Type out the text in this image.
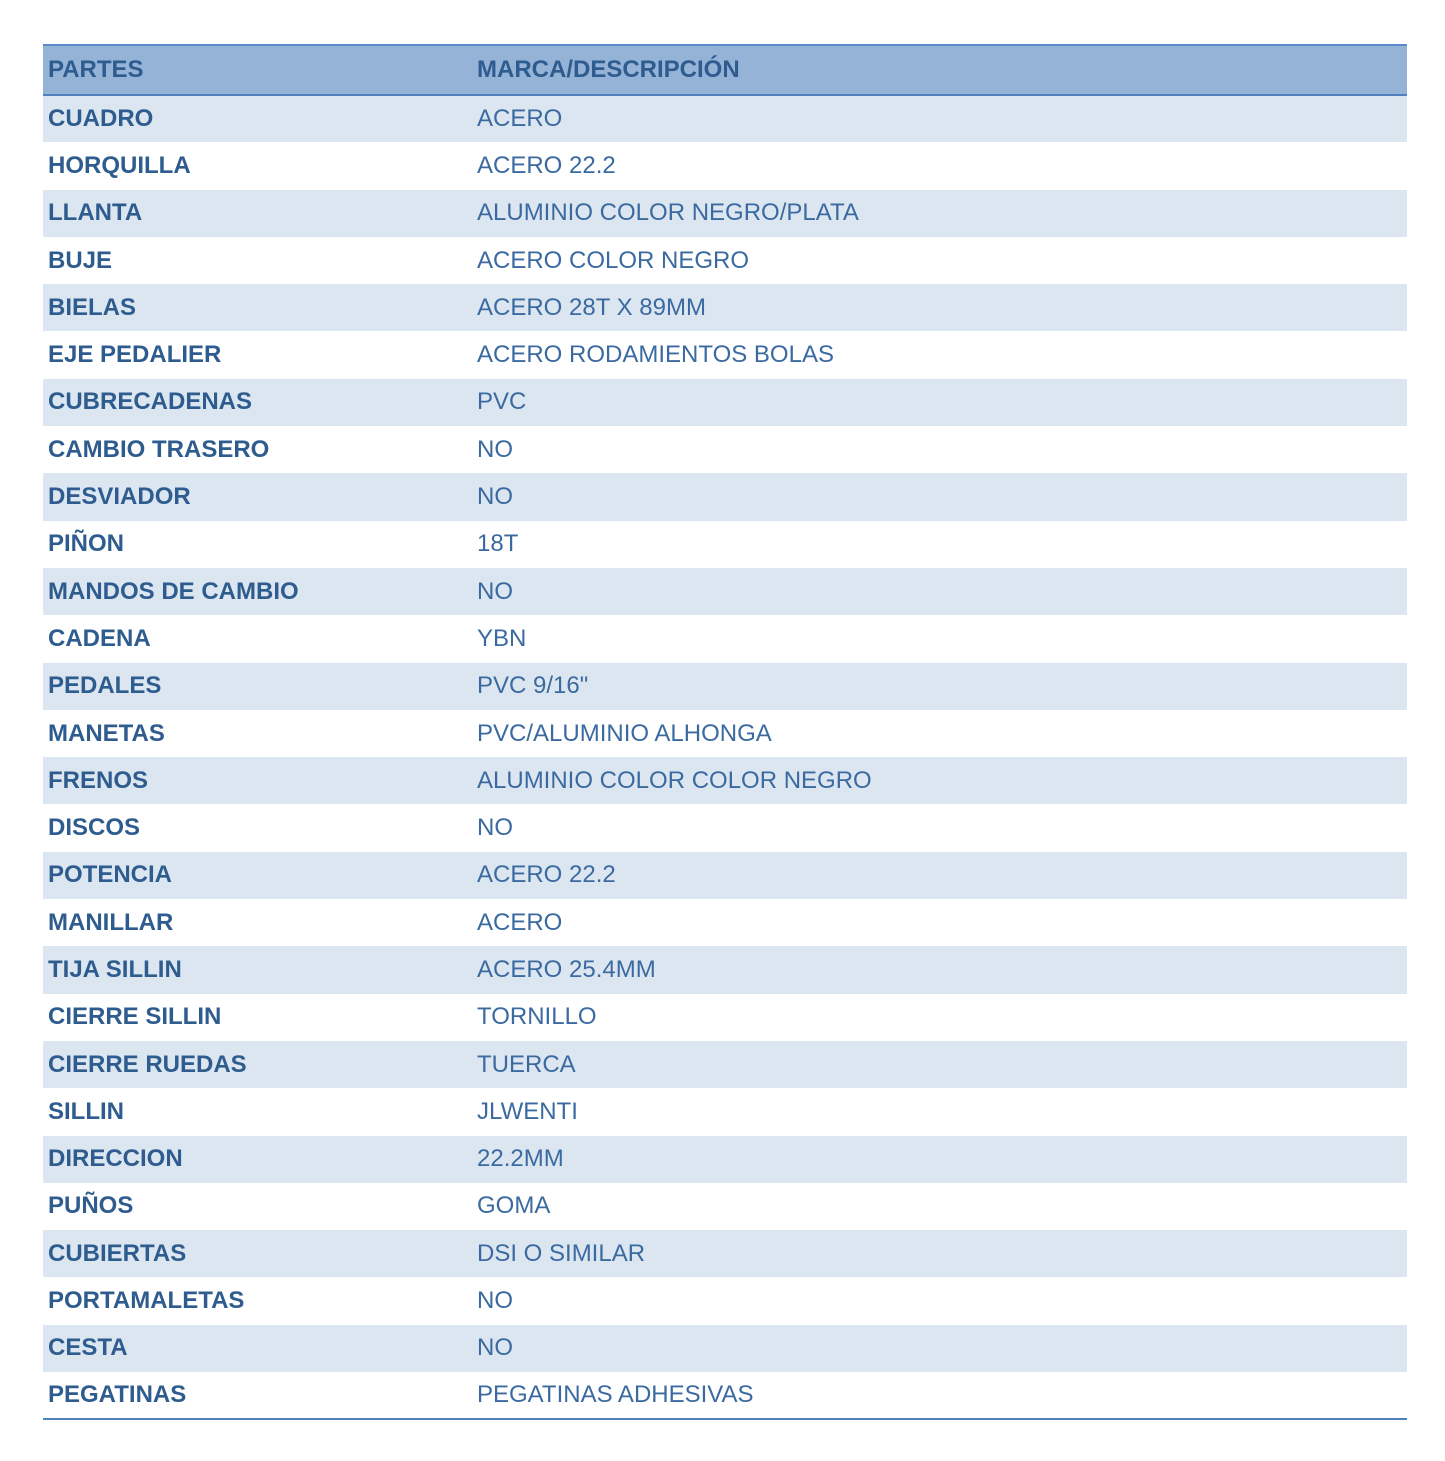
PARTES	MARCA/DESCRIPCIÓN
CUADRO	ACERO
HORQUILLA	ACERO 22.2
LLANTA	ALUMINIO COLOR NEGRO/PLATA
BUJE	ACERO COLOR NEGRO
BIELAS	ACERO 28T X 89MM
EJE PEDALIER	ACERO RODAMIENTOS BOLAS
CUBRECADENAS	PVC
CAMBIO TRASERO	NO
DESVIADOR	NO
PIÑON	18T
MANDOS DE CAMBIO	NO
CADENA	YBN
PEDALES	PVC 9/16"
MANETAS	PVC/ALUMINIO ALHONGA
FRENOS	ALUMINIO COLOR COLOR NEGRO
DISCOS	NO
POTENCIA	ACERO 22.2
MANILLAR	ACERO
TIJA SILLIN	ACERO 25.4MM
CIERRE SILLIN	TORNILLO
CIERRE RUEDAS	TUERCA
SILLIN	JLWENTI
DIRECCION	22.2MM
PUÑOS	GOMA
CUBIERTAS	DSI O SIMILAR
PORTAMALETAS	NO
CESTA	NO
PEGATINAS	PEGATINAS ADHESIVAS
